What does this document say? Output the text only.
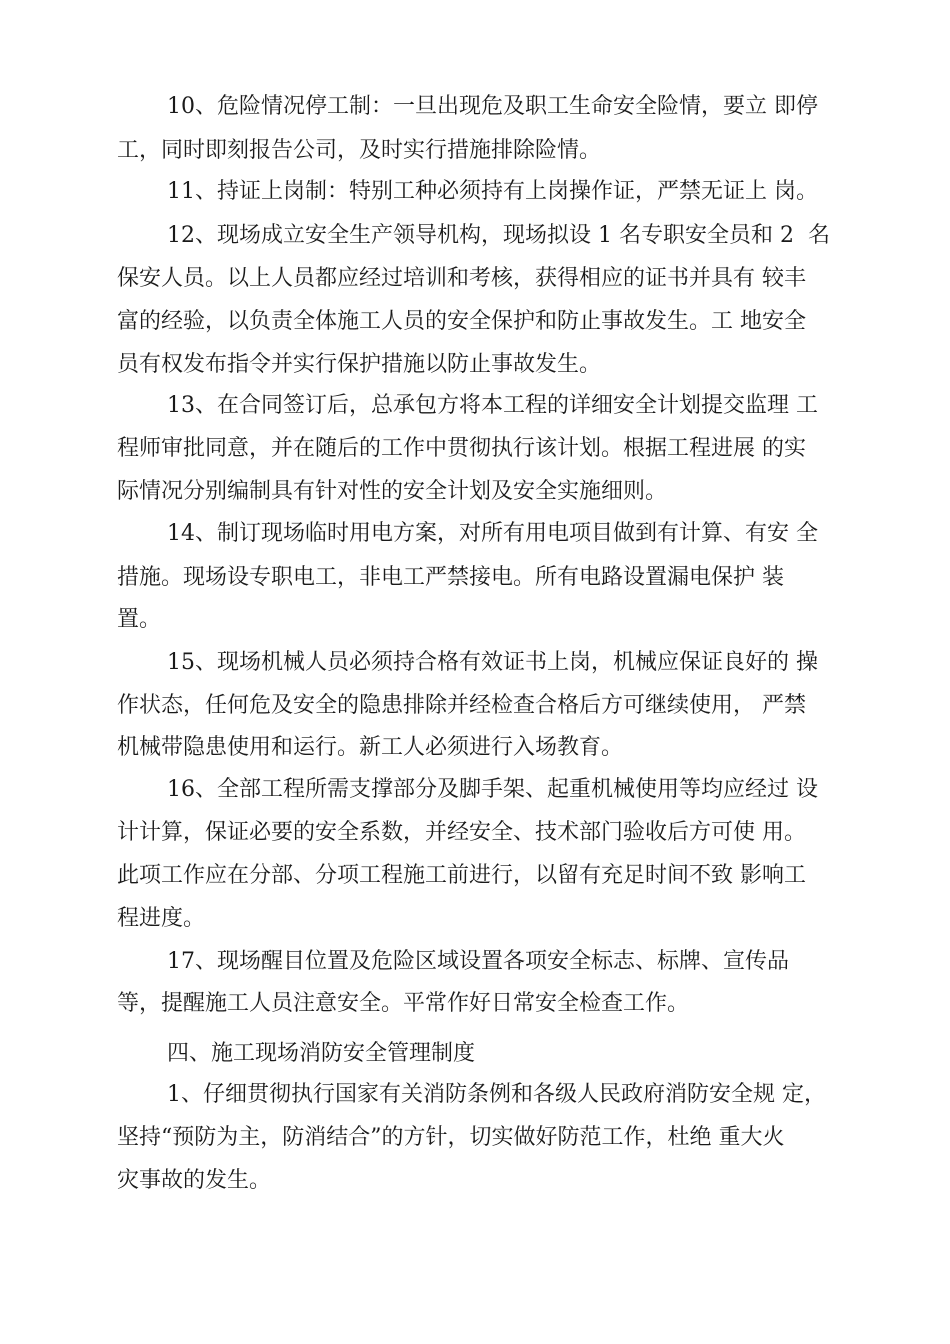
10、危险情况停工制：一旦出现危及职工生命安全险情，要立 即停
工，同时即刻报告公司，及时实行措施排除险情。
11、持证上岗制：特别工种必须持有上岗操作证，严禁无证上 岗。
12、现场成立安全生产领导机构，现场拟设 1 名专职安全员和 2  名
保安人员。以上人员都应经过培训和考核，获得相应的证书并具有 较丰
富的经验，以负责全体施工人员的安全保护和防止事故发生。工 地安全
员有权发布指令并实行保护措施以防止事故发生。
13、在合同签订后，总承包方将本工程的详细安全计划提交监理 工
程师审批同意，并在随后的工作中贯彻执行该计划。根据工程进展 的实
际情况分别编制具有针对性的安全计划及安全实施细则。
14、制订现场临时用电方案，对所有用电项目做到有计算、有安 全
措施。现场设专职电工，非电工严禁接电。所有电路设置漏电保护 装
置。
15、现场机械人员必须持合格有效证书上岗，机械应保证良好的 操
作状态，任何危及安全的隐患排除并经检查合格后方可继续使用， 严禁
机械带隐患使用和运行。新工人必须进行入场教育。
16、全部工程所需支撑部分及脚手架、起重机械使用等均应经过 设
计计算，保证必要的安全系数，并经安全、技术部门验收后方可使 用。
此项工作应在分部、分项工程施工前进行，以留有充足时间不致 影响工
程进度。
17、现场醒目位置及危险区域设置各项安全标志、标牌、宣传品
等，提醒施工人员注意安全。平常作好日常安全检查工作。
四、施工现场消防安全管理制度
1、仔细贯彻执行国家有关消防条例和各级人民政府消防安全规 定，
坚持“预防为主，防消结合”的方针，切实做好防范工作，杜绝 重大火
灾事故的发生。
